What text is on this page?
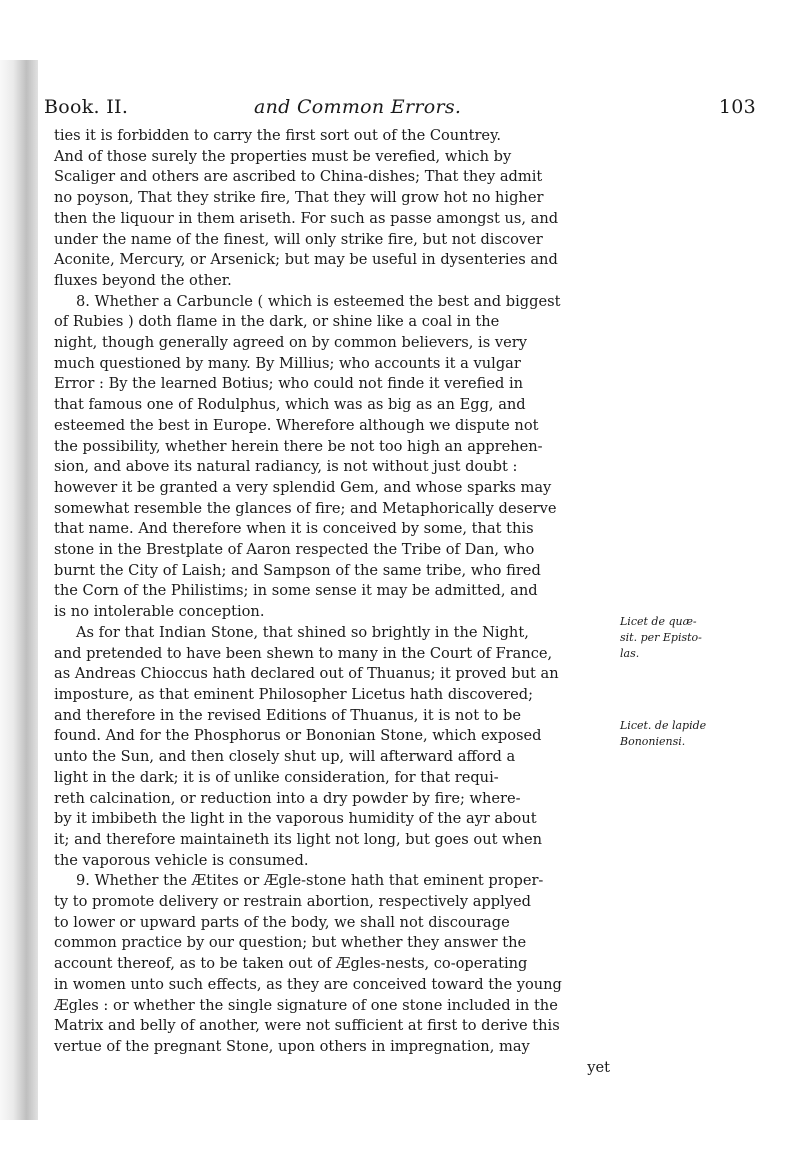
Book. II.	and Common Errors.	103
ties it is forbidden to carry the first sort out of the Countrey.
And of those surely the properties must be verefied, which by
Scaliger and others are ascribed to China-dishes; That they admit
no poyson, That they strike fire, That they will grow hot no higher
then the liquour in them ariseth. For such as passe amongst us, and
under the name of the finest, will only strike fire, but not discover
Aconite, Mercury, or Arsenick; but may be useful in dysenteries and
fluxes beyond the other.
8. Whether a Carbuncle ( which is esteemed the best and biggest
of Rubies ) doth flame in the dark, or shine like a coal in the
night, though generally agreed on by common believers, is very
much questioned by many. By Millius; who accounts it a vulgar
Error : By the learned Botius; who could not finde it verefied in
that famous one of Rodulphus, which was as big as an Egg, and
esteemed the best in Europe. Wherefore although we dispute not
the possibility, whether herein there be not too high an apprehen-
sion, and above its natural radiancy, is not without just doubt :
however it be granted a very splendid Gem, and whose sparks may
somewhat resemble the glances of fire; and Metaphorically deserve
that name. And therefore when it is conceived by some, that this
stone in the Brestplate of Aaron respected the Tribe of Dan, who
burnt the City of Laish; and Sampson of the same tribe, who fired
the Corn of the Philistims; in some sense it may be admitted, and
is no intolerable conception.
As for that Indian Stone, that shined so brightly in the Night,
and pretended to have been shewn to many in the Court of France,
as Andreas Chioccus hath declared out of Thuanus; it proved but an
imposture, as that eminent Philosopher Licetus hath discovered;
and therefore in the revised Editions of Thuanus, it is not to be
found. And for the Phosphorus or Bononian Stone, which exposed
unto the Sun, and then closely shut up, will afterward afford a
light in the dark; it is of unlike consideration, for that requi-
reth calcination, or reduction into a dry powder by fire; where-
by it imbibeth the light in the vaporous humidity of the ayr about
it; and therefore maintaineth its light not long, but goes out when
the vaporous vehicle is consumed.
9. Whether the Ætites or Ægle-stone hath that eminent proper-
ty to promote delivery or restrain abortion, respectively applyed
to lower or upward parts of the body, we shall not discourage
common practice by our question; but whether they answer the
account thereof, as to be taken out of Ægles-nests, co-operating
in women unto such effects, as they are conceived toward the young
Ægles : or whether the single signature of one stone included in the
Matrix and belly of another, were not sufficient at first to derive this
vertue of the pregnant Stone, upon others in impregnation, may
yet
Licet de quæ-
sit. per Episto-
las.
Licet. de lapide
Bononiensi.
